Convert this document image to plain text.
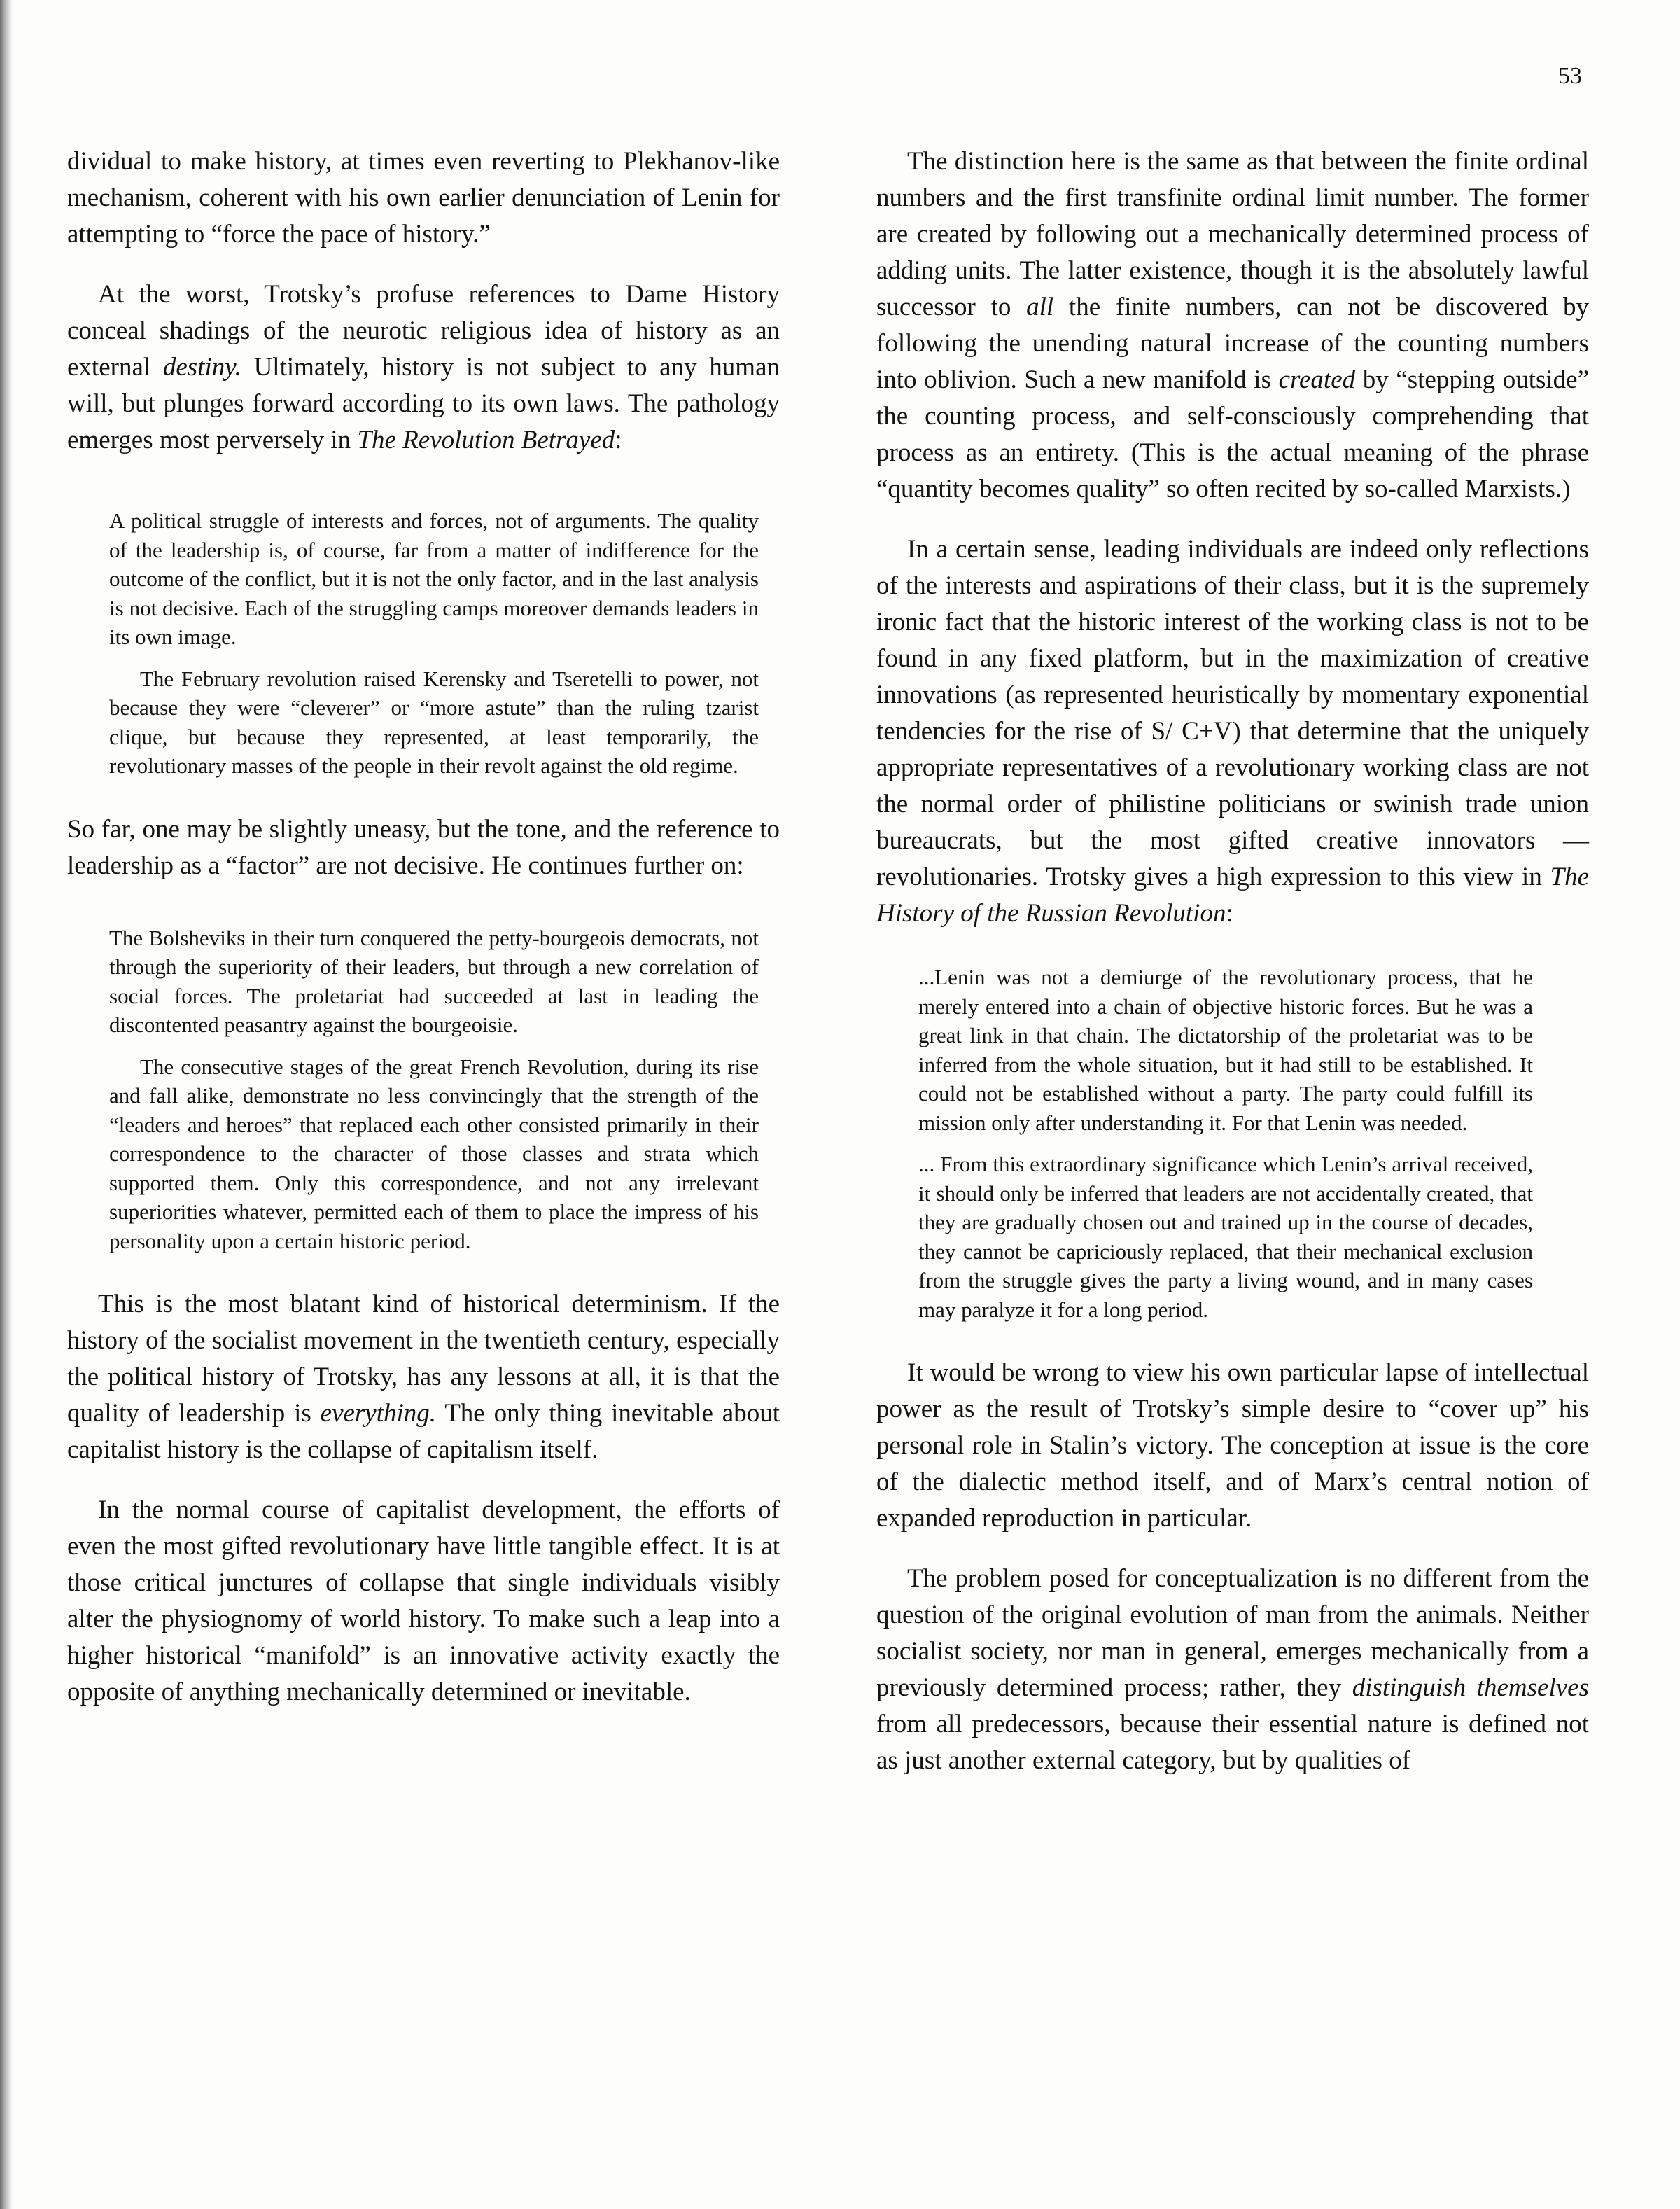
53

dividual to make history, at times even reverting to Plekhanov-like mechanism, coherent with his own earlier denunciation of Lenin for attempting to “force the pace of history.”

At the worst, Trotsky’s profuse references to Dame History conceal shadings of the neurotic religious idea of history as an external destiny. Ultimately, history is not subject to any human will, but plunges forward according to its own laws. The pathology emerges most perversely in The Revolution Betrayed:

A political struggle of interests and forces, not of arguments. The quality of the leadership is, of course, far from a matter of indifference for the outcome of the conflict, but it is not the only factor, and in the last analysis is not decisive. Each of the struggling camps moreover demands leaders in its own image.

The February revolution raised Kerensky and Tseretelli to power, not because they were “cleverer” or “more astute” than the ruling tzarist clique, but because they represented, at least temporarily, the revolutionary masses of the people in their revolt against the old regime.

So far, one may be slightly uneasy, but the tone, and the reference to leadership as a “factor” are not decisive. He continues further on:

The Bolsheviks in their turn conquered the petty-bourgeois democrats, not through the superiority of their leaders, but through a new correlation of social forces. The proletariat had succeeded at last in leading the discontented peasantry against the bourgeoisie.

The consecutive stages of the great French Revolution, during its rise and fall alike, demonstrate no less convincingly that the strength of the “leaders and heroes” that replaced each other consisted primarily in their correspondence to the character of those classes and strata which supported them. Only this correspondence, and not any irrelevant superiorities whatever, permitted each of them to place the impress of his personality upon a certain historic period.

This is the most blatant kind of historical determinism. If the history of the socialist movement in the twentieth century, especially the political history of Trotsky, has any lessons at all, it is that the quality of leadership is everything. The only thing inevitable about capitalist history is the collapse of capitalism itself.

In the normal course of capitalist development, the efforts of even the most gifted revolutionary have little tangible effect. It is at those critical junctures of collapse that single individuals visibly alter the physiognomy of world history. To make such a leap into a higher historical “manifold” is an innovative activity exactly the opposite of anything mechanically determined or inevitable.

The distinction here is the same as that between the finite ordinal numbers and the first transfinite ordinal limit number. The former are created by following out a mechanically determined process of adding units. The latter existence, though it is the absolutely lawful successor to all the finite numbers, can not be discovered by following the unending natural increase of the counting numbers into oblivion. Such a new manifold is created by “stepping outside” the counting process, and self-consciously comprehending that process as an entirety. (This is the actual meaning of the phrase “quantity becomes quality” so often recited by so-called Marxists.)

In a certain sense, leading individuals are indeed only reflections of the interests and aspirations of their class, but it is the supremely ironic fact that the historic interest of the working class is not to be found in any fixed platform, but in the maximization of creative innovations (as represented heuristically by momentary exponential tendencies for the rise of S/ C+V) that determine that the uniquely appropriate representatives of a revolutionary working class are not the normal order of philistine politicians or swinish trade union bureaucrats, but the most gifted creative innovators — revolutionaries. Trotsky gives a high expression to this view in The History of the Russian Revolution:

...Lenin was not a demiurge of the revolutionary process, that he merely entered into a chain of objective historic forces. But he was a great link in that chain. The dictatorship of the proletariat was to be inferred from the whole situation, but it had still to be established. It could not be established without a party. The party could fulfill its mission only after understanding it. For that Lenin was needed.

... From this extraordinary significance which Lenin’s arrival received, it should only be inferred that leaders are not accidentally created, that they are gradually chosen out and trained up in the course of decades, they cannot be capriciously replaced, that their mechanical exclusion from the struggle gives the party a living wound, and in many cases may paralyze it for a long period.

It would be wrong to view his own particular lapse of intellectual power as the result of Trotsky’s simple desire to “cover up” his personal role in Stalin’s victory. The conception at issue is the core of the dialectic method itself, and of Marx’s central notion of expanded reproduction in particular.

The problem posed for conceptualization is no different from the question of the original evolution of man from the animals. Neither socialist society, nor man in general, emerges mechanically from a previously determined process; rather, they distinguish themselves from all predecessors, because their essential nature is defined not as just another external category, but by qualities of
